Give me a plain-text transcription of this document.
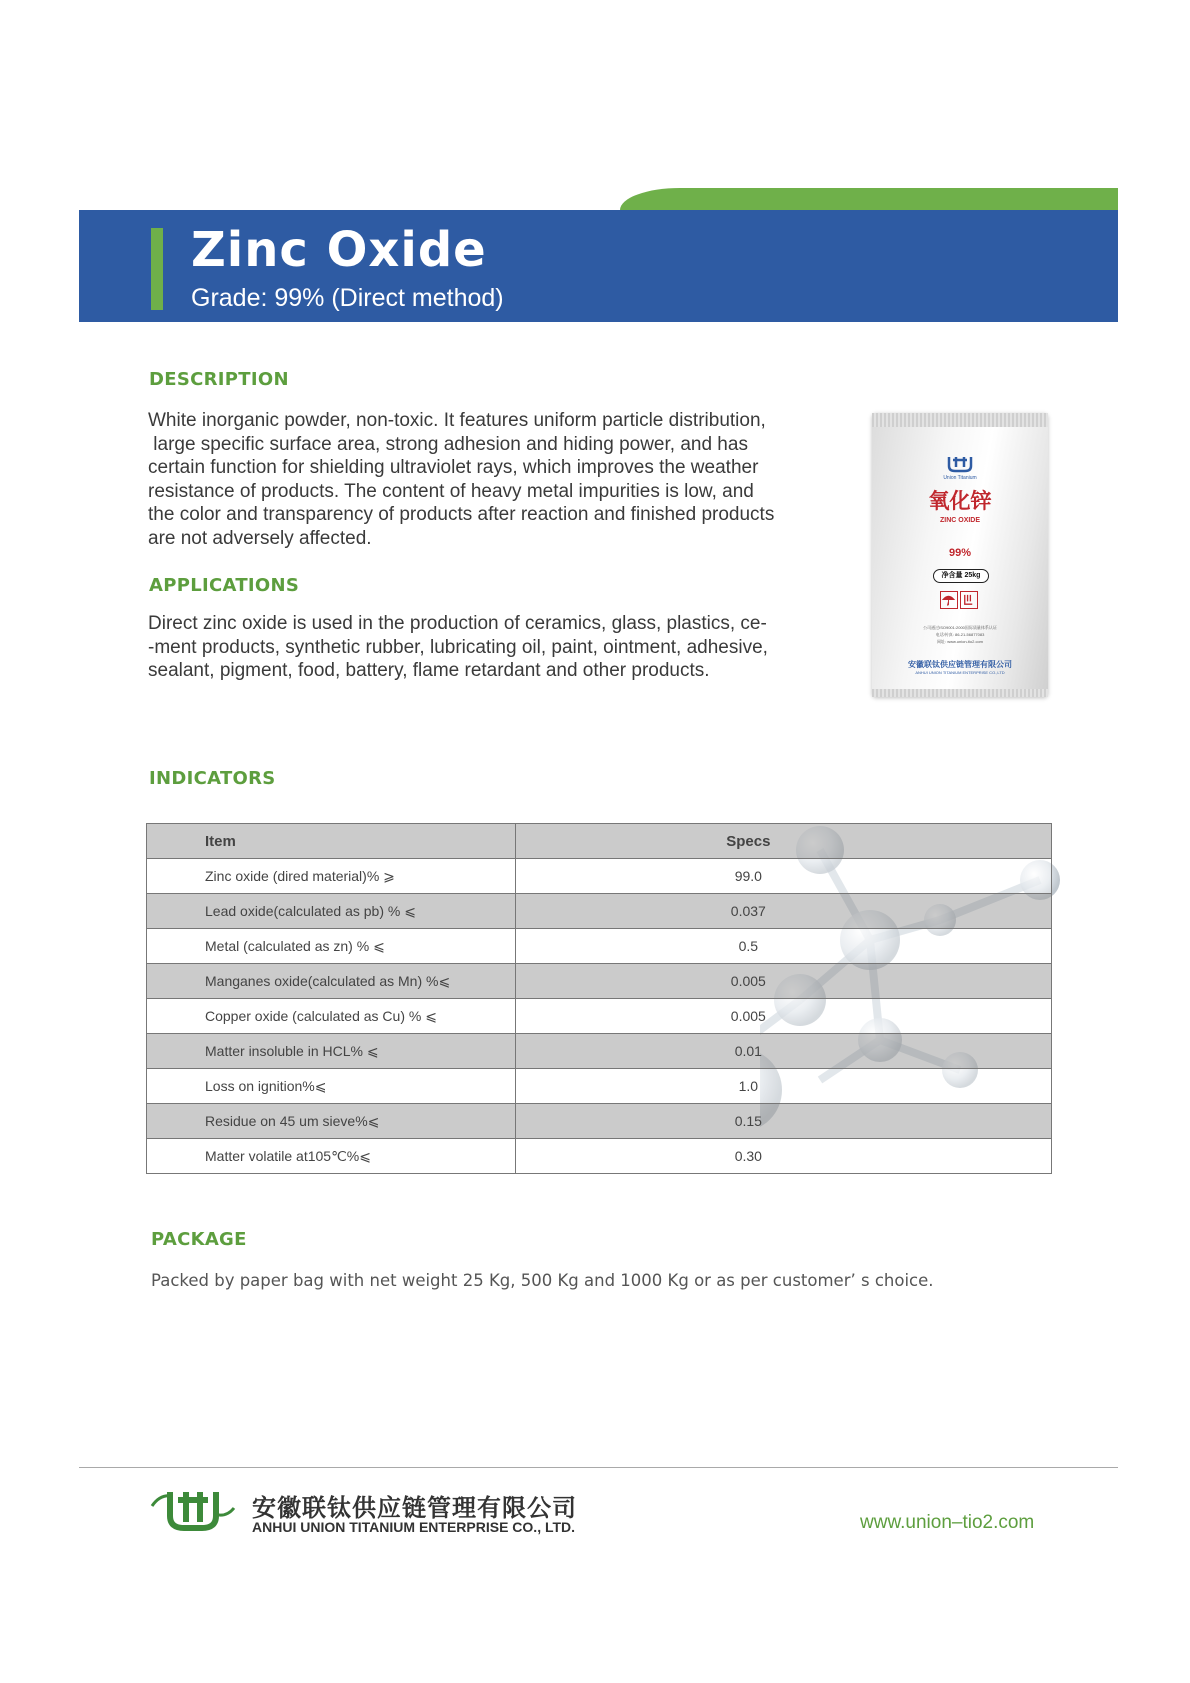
Zinc Oxide
Grade: 99% (Direct method)
DESCRIPTION
White inorganic powder, non-toxic. It features uniform particle distribution,
large specific surface area, strong adhesion and hiding power, and has
certain function for shielding ultraviolet rays, which improves the weather
resistance of products. The content of heavy metal impurities is low, and
the color and transparency of products after reaction and finished products
are not adversely affected.
APPLICATIONS
Direct zinc oxide is used in the production of ceramics, glass, plastics, ce-
-ment products, synthetic rubber, lubricating oil, paint, ointment, adhesive,
sealant, pigment, food, battery, flame retardant and other products.
Union Titanium
氧化锌
ZINC OXIDE
99%
净含量 25kg
公司通过ISO9001:2000国际质量体系认证
电话/传真: 86-21-56877083
网址: www.union-tio2.com
安徽联钛供应链管理有限公司
ANHUI UNION TITANIUM ENTERPRISE CO.,LTD
INDICATORS
Item	Specs
Zinc oxide (dired material)% ⩾	99.0
Lead oxide(calculated as pb) % ⩽	0.037
Metal (calculated as zn) % ⩽	0.5
Manganes oxide(calculated as Mn) %⩽	0.005
Copper oxide (calculated as Cu) % ⩽	0.005
Matter insoluble in HCL% ⩽	0.01
Loss on ignition%⩽	1.0
Residue on 45 um sieve%⩽	0.15
Matter volatile at105℃%⩽	0.30
PACKAGE

Packed by paper bag with net weight 25 Kg, 500 Kg and 1000 Kg or as per customer’ s choice.

安徽联钛供应链管理有限公司
ANHUI UNION TITANIUM ENTERPRISE CO., LTD.	www.union–tio2.com
